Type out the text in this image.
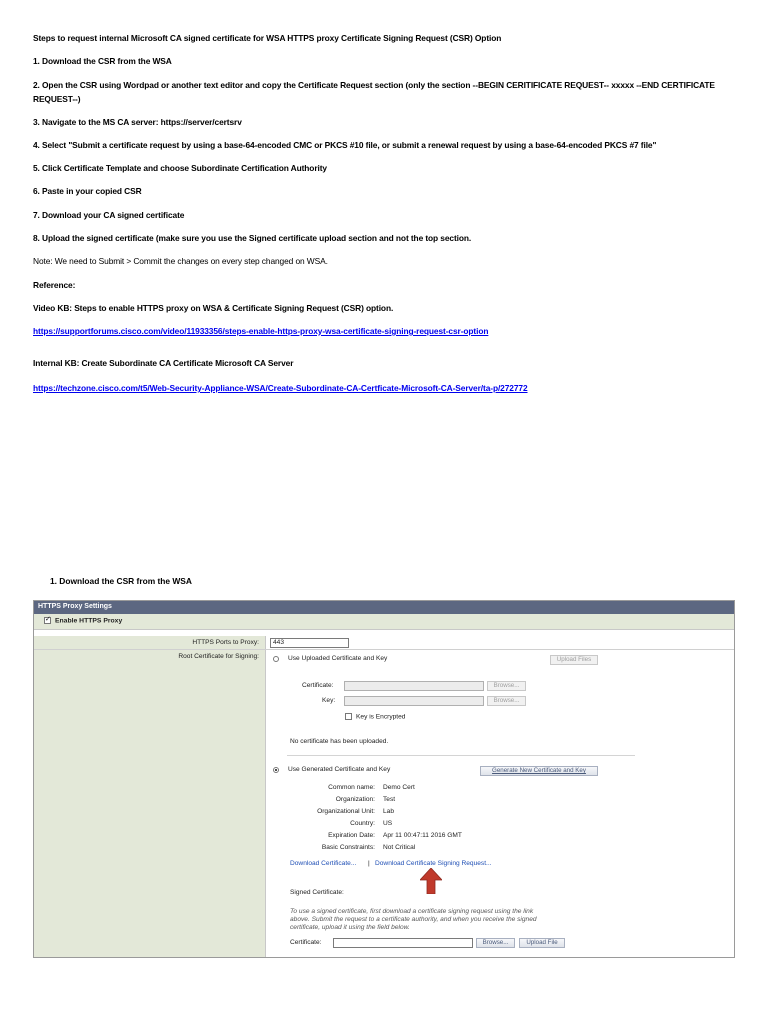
Steps to request internal Microsoft CA signed certificate for WSA HTTPS proxy Certificate Signing Request (CSR) Option
1. Download the CSR from the WSA
2. Open the CSR using Wordpad or another text editor and copy the Certificate Request section (only the section --BEGIN CERITIFICATE REQUEST-- xxxxx --END CERTIFICATE REQUEST--)
3. Navigate to the MS CA server: https://server/certsrv
4. Select "Submit a certificate request by using a base-64-encoded CMC or PKCS #10 file, or submit a renewal request by using a base-64-encoded PKCS #7 file"
5. Click Certificate Template and choose Subordinate Certification Authority
6. Paste in your copied CSR
7. Download your CA signed certificate
8. Upload the signed certificate (make sure you use the Signed certificate upload section and not the top section.
Note: We need to Submit > Commit the changes on every step changed on WSA.
Reference:
Video KB: Steps to enable HTTPS proxy on WSA & Certificate Signing Request (CSR) option.
https://supportforums.cisco.com/video/11933356/steps-enable-https-proxy-wsa-certificate-signing-request-csr-option
Internal KB: Create Subordinate CA Certificate Microsoft CA Server
https://techzone.cisco.com/t5/Web-Security-Appliance-WSA/Create-Subordinate-CA-Certficate-Microsoft-CA-Server/ta-p/272772
1. Download the CSR from the WSA
HTTPS Proxy Settings
✓Enable HTTPS Proxy
HTTPS Ports to Proxy:	443
Root Certificate for Signing:	Use Uploaded Certificate and Key	Upload Files
Certificate:	Browse...
Key:	Browse...
Key is Encrypted
No certificate has been uploaded.
Use Generated Certificate and Key	Generate New Certificate and Key
Common name: Demo Cert
Organization: Test
Organizational Unit: Lab
Country: US
Expiration Date: Apr 11 00:47:11 2016 GMT
Basic Constraints: Not Critical
Download Certificate... | Download Certificate Signing Request...
Signed Certificate:
To use a signed certificate, first download a certificate signing request using the link above. Submit the request to a certificate authority, and when you receive the signed certificate, upload it using the field below.
Certificate:	Browse...	Upload File
